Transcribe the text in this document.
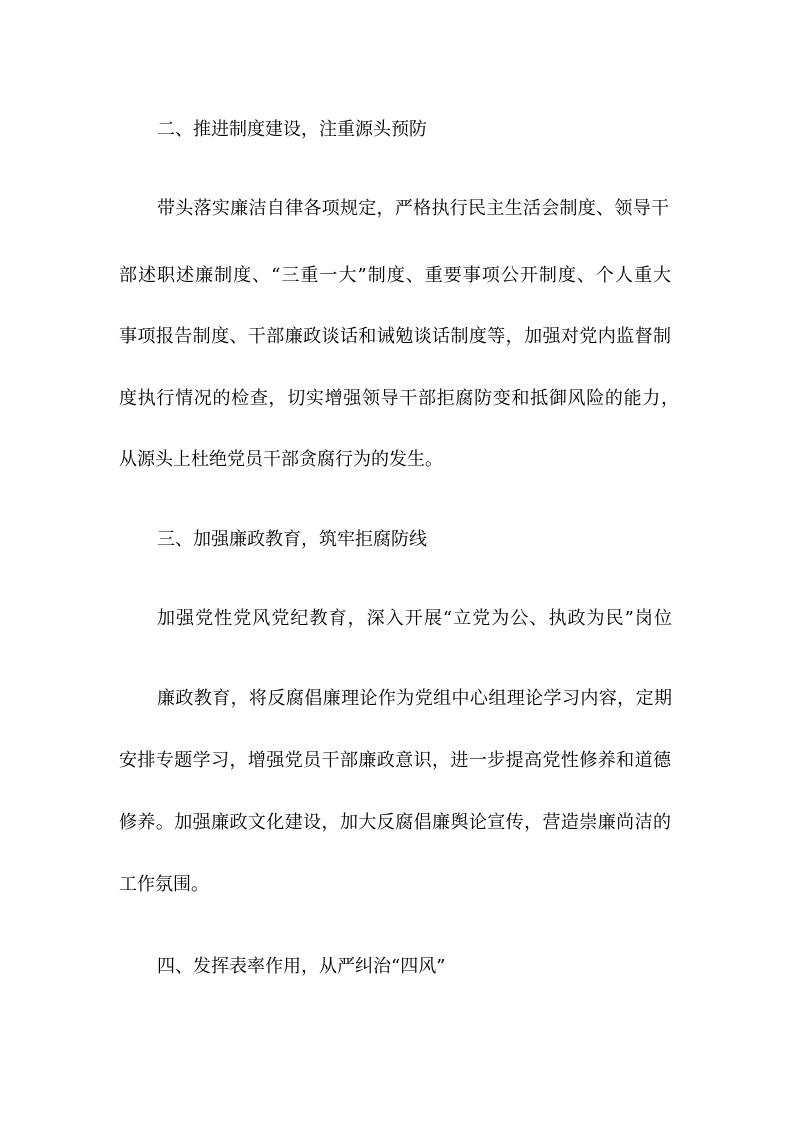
二、推进制度建设，注重源头预防
带头落实廉洁自律各项规定，严格执行民主生活会制度、领导干
部述职述廉制度、“三重一大”制度、重要事项公开制度、个人重大
事项报告制度、干部廉政谈话和诫勉谈话制度等，加强对党内监督制
度执行情况的检查，切实增强领导干部拒腐防变和抵御风险的能力，
从源头上杜绝党员干部贪腐行为的发生。
三、加强廉政教育，筑牢拒腐防线
加强党性党风党纪教育，深入开展“立党为公、执政为民”岗位
廉政教育，将反腐倡廉理论作为党组中心组理论学习内容，定期
安排专题学习，增强党员干部廉政意识，进一步提高党性修养和道德
修养。加强廉政文化建设，加大反腐倡廉舆论宣传，营造崇廉尚洁的
工作氛围。
四、发挥表率作用，从严纠治“四风”
